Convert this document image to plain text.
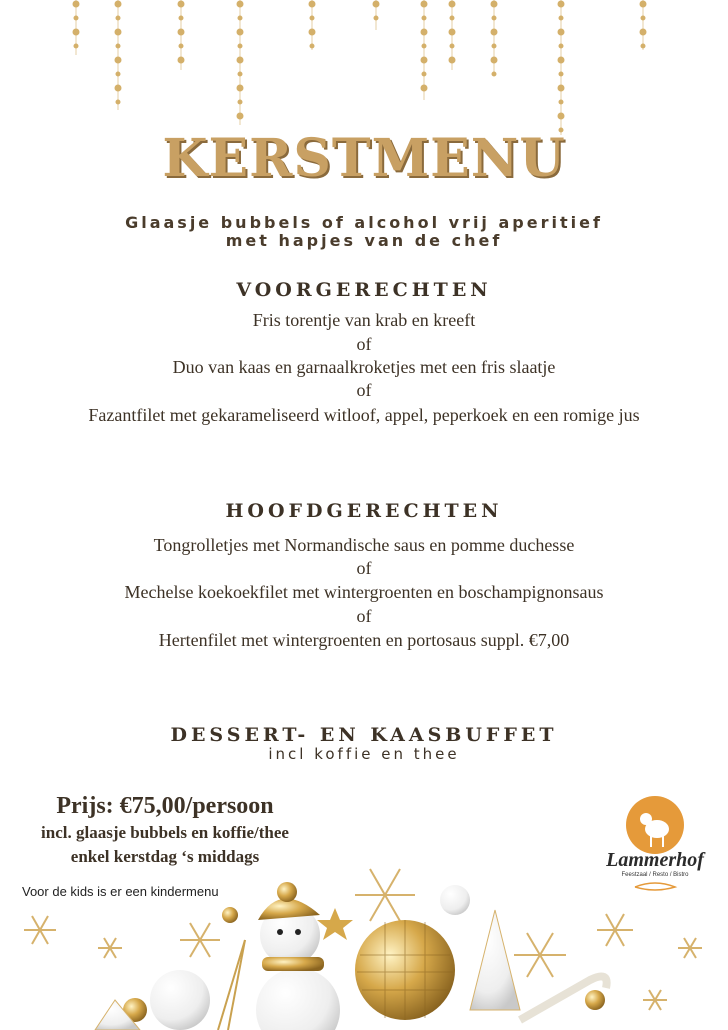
KERSTMENU
Glaasje bubbels of alcohol vrij aperitief
met hapjes van de chef
VOORGERECHTEN
Fris torentje van krab en kreeft
of
Duo van kaas en garnaalkroketjes met een fris slaatje
of
Fazantfilet met gekarameliseerd witloof, appel, peperkoek en een romige jus
HOOFDGERECHTEN
Tongrolletjes met Normandische saus en pomme duchesse
of
Mechelse koekoekfilet met wintergroenten en boschampignonsaus
of
Hertenfilet met wintergroenten en portosaus suppl. €7,00
DESSERT- EN KAASBUFFET
incl koffie en thee
Prijs: €75,00/persoon
incl. glaasje bubbels en koffie/thee
enkel kerstdag ‘s middags
Voor de kids is er een kindermenu
Lammerhof
Feestzaal / Resto / Bistro
